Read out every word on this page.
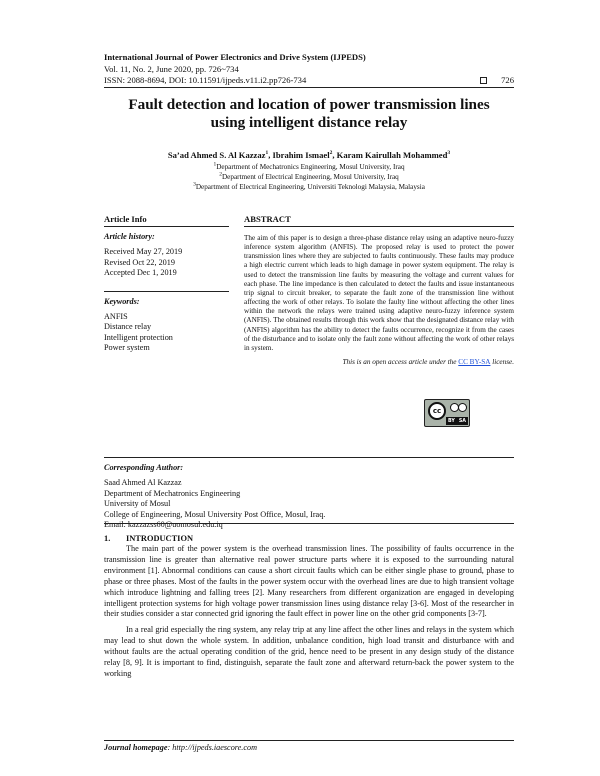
International Journal of Power Electronics and Drive System (IJPEDS)
Vol. 11, No. 2, June 2020, pp. 726~734
ISSN: 2088-8694, DOI: 10.11591/ijpeds.v11.i2.pp726-734	726
Fault detection and location of power transmission lines
using intelligent distance relay
Sa’ad Ahmed S. Al Kazzaz$^1$, Ibrahim Ismael$^2$, Karam Kairullah Mohammed$^3$
$^1$Department of Mechatronics Engineering, Mosul University, Iraq
$^2$Department of Electrical Engineering, Mosul University, Iraq
$^3$Department of Electrical Engineering, Universiti Teknologi Malaysia, Malaysia
Article Info
Article history:
Received May 27, 2019
Revised Oct 22, 2019
Accepted Dec 1, 2019
Keywords:
ANFIS
Distance relay
Intelligent protection
Power system
ABSTRACT
The aim of this paper is to design a three-phase distance relay using an adaptive neuro-fuzzy inference system algorithm (ANFIS). The proposed relay is used to protect the power transmission lines where they are subjected to faults continuously. These faults may produce a high electric current which leads to high damage in power system equipment. The relay is used to detect the transmission line faults by measuring the voltage and current values for each phase. The line impedance is then calculated to detect the faults and issue instantaneous trip signal to circuit breaker, to separate the fault zone of the transmission line without affecting the work of other relays. To isolate the faulty line without affecting the other lines within the network the relays were trained using adaptive neuro-fuzzy inference system (ANFIS). The obtained results through this work show that the designated distance relay with (ANFIS) algorithm has the ability to detect the faults occurrence, recognize it from the cases of the disturbance and to isolate only the fault zone without affecting the work of other relays in system.
This is an open access article under the CC BY-SA license.
cc
BY SA
Corresponding Author:
Saad Ahmed Al Kazzaz
Department of Mechatronics Engineering
University of Mosul
College of Engineering, Mosul University Post Office, Mosul, Iraq.
Email: kazzazss60@uomosul.edu.iq
1.	INTRODUCTION
The main part of the power system is the overhead transmission lines. The possibility of faults occurrence in the transmission line is greater than alternative real power structure parts where it is exposed to the surrounding natural environment [1]. Abnormal conditions can cause a short circuit faults which can be either single phase to ground, phase to phase or three phases. Most of the faults in the power system occur with the overhead lines are due to high transient voltage which introduce lightning and falling trees [2]. Many researchers from different organization are engaged in developing intelligent protection systems for high voltage power transmission lines using distance relay [3-6]. Most of the researcher in their studies consider a star connected grid ignoring the fault effect in power line on the other grid components [3-7].
In a real grid especially the ring system, any relay trip at any line affect the other lines and relays in the system which may lead to shut down the whole system. In addition, unbalance condition, high load transit and disturbance with and without faults are the actual operating condition of the grid, hence need to be present in any design study of the distance relay [8, 9]. It is important to find, distinguish, separate the fault zone and afterward return-back the power system to the working
Journal homepage: http://ijpeds.iaescore.com
